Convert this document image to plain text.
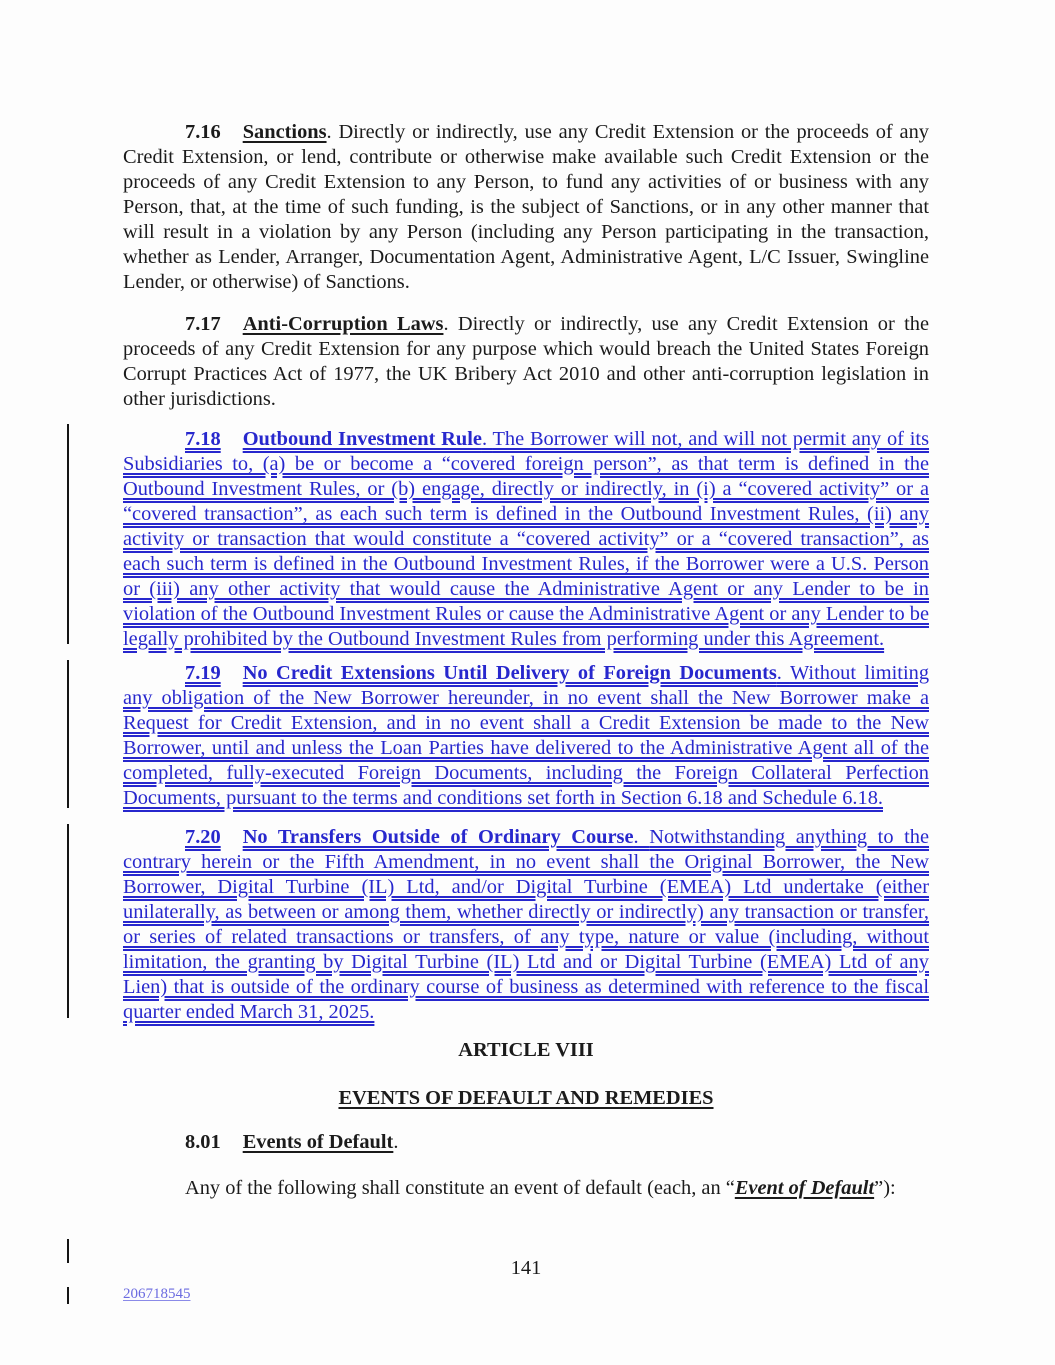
7.16 Sanctions. Directly or indirectly, use any Credit Extension or the proceeds of any Credit Extension, or lend, contribute or otherwise make available such Credit Extension or the proceeds of any Credit Extension to any Person, to fund any activities of or business with any Person, that, at the time of such funding, is the subject of Sanctions, or in any other manner that will result in a violation by any Person (including any Person participating in the transaction, whether as Lender, Arranger, Documentation Agent, Administrative Agent, L/C Issuer, Swingline Lender, or otherwise) of Sanctions.

7.17 Anti-Corruption Laws. Directly or indirectly, use any Credit Extension or the proceeds of any Credit Extension for any purpose which would breach the United States Foreign Corrupt Practices Act of 1977, the UK Bribery Act 2010 and other anti-corruption legislation in other jurisdictions.

7.18 Outbound Investment Rule. The Borrower will not, and will not permit any of its Subsidiaries to, (a) be or become a “covered foreign person”, as that term is defined in the Outbound Investment Rules, or (b) engage, directly or indirectly, in (i) a “covered activity” or a “covered transaction”, as each such term is defined in the Outbound Investment Rules, (ii) any activity or transaction that would constitute a “covered activity” or a “covered transaction”, as each such term is defined in the Outbound Investment Rules, if the Borrower were a U.S. Person or (iii) any other activity that would cause the Administrative Agent or any Lender to be in violation of the Outbound Investment Rules or cause the Administrative Agent or any Lender to be legally prohibited by the Outbound Investment Rules from performing under this Agreement.

7.19 No Credit Extensions Until Delivery of Foreign Documents. Without limiting any obligation of the New Borrower hereunder, in no event shall the New Borrower make a Request for Credit Extension, and in no event shall a Credit Extension be made to the New Borrower, until and unless the Loan Parties have delivered to the Administrative Agent all of the completed, fully-executed Foreign Documents, including the Foreign Collateral Perfection Documents, pursuant to the terms and conditions set forth in Section 6.18 and Schedule 6.18.

7.20 No Transfers Outside of Ordinary Course. Notwithstanding anything to the contrary herein or the Fifth Amendment, in no event shall the Original Borrower, the New Borrower, Digital Turbine (IL) Ltd, and/or Digital Turbine (EMEA) Ltd undertake (either unilaterally, as between or among them, whether directly or indirectly) any transaction or transfer, or series of related transactions or transfers, of any type, nature or value (including, without limitation, the granting by Digital Turbine (IL) Ltd and or Digital Turbine (EMEA) Ltd of any Lien) that is outside of the ordinary course of business as determined with reference to the fiscal quarter ended March 31, 2025.

ARTICLE VIII

EVENTS OF DEFAULT AND REMEDIES

8.01 Events of Default.

Any of the following shall constitute an event of default (each, an “Event of Default”):

141

206718545
